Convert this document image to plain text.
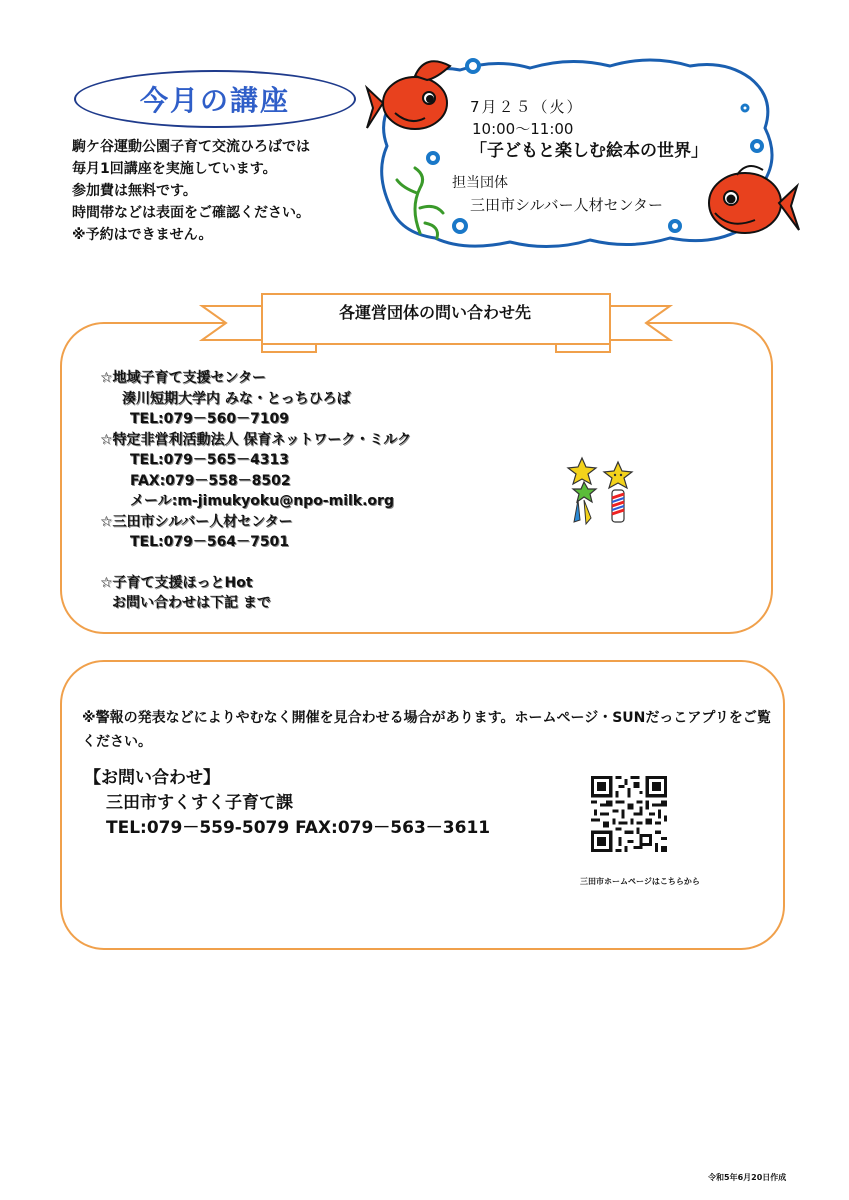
今月の講座
駒ケ谷運動公園子育て交流ひろばでは
毎月1回講座を実施しています。
参加費は無料です。
時間帯などは表面をご確認ください。
※予約はできません。
7月２５（火）
10:00～11:00
「子どもと楽しむ絵本の世界」
担当団体
三田市シルバー人材センター
各運営団体の問い合わせ先
☆地域子育て支援センター
湊川短期大学内 みな・とっちひろば
TEL:079－560－7109
☆特定非営利活動法人 保育ネットワーク・ミルク
TEL:079－565－4313
FAX:079－558－8502
メール:m-jimukyoku@npo-milk.org
☆三田市シルバー人材センター
TEL:079－564－7501
☆子育て支援ほっとHot
お問い合わせは下記 まで
※警報の発表などによりやむなく開催を見合わせる場合があります。ホームページ・SUNだっこアプリをご覧ください。
【お問い合わせ】
三田市すくすく子育て課
TEL:079－559-5079 FAX:079－563－3611
三田市ホームページはこちらから
令和5年6月20日作成
